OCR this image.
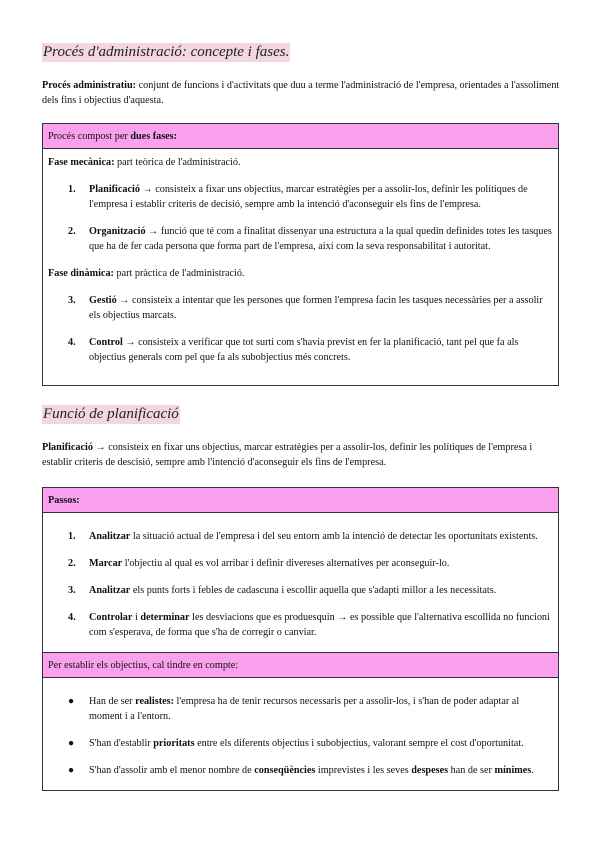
Procés d'administració: concepte i fases.
Procés administratiu: conjunt de funcions i d'activitats que duu a terme l'administració de l'empresa, orientades a l'assoliment dels fins i objectius d'aquesta.
Procés compost per dues fases:
Fase mecànica: part teòrica de l'administració.
1. Planificació → consisteix a fixar uns objectius, marcar estratègies per a assolir-los, definir les polítiques de l'empresa i establir criteris de decisió, sempre amb la intenció d'aconseguir els fins de l'empresa.
2. Organització → funció que té com a finalitat dissenyar una estructura a la qual quedin definides totes les tasques que ha de fer cada persona que forma part de l'empresa, així com la seva responsabilitat i autoritat.
Fase dinàmica: part pràctica de l'administració.
3. Gestió → consisteix a intentar que les persones que formen l'empresa facin les tasques necessàries per a assolir els objectius marcats.
4. Control → consisteix a verificar que tot surti com s'havia previst en fer la planificació, tant pel que fa als objectius generals com pel que fa als subobjectius més concrets.
Funció de planificació
Planificació → consisteix en fixar uns objectius, marcar estratègies per a assolir-los, definir les polítiques de l'empresa i establir criteris de descisió, sempre amb l'intenció d'aconseguir els fins de l'empresa.
Passos:
1. Analitzar la situació actual de l'empresa i del seu entorn amb la intenció de detectar les oportunitats existents.
2. Marcar l'objectiu al qual es vol arribar i definir divereses alternatives per aconseguir-lo.
3. Analitzar els punts forts i febles de cadascuna i escollir aquella que s'adapti millor a les necessitats.
4. Controlar i determinar les desviacions que es produesquin → es possible que l'alternativa escollida no funcioni com s'esperava, de forma que s'ha de corregir o canviar.
Per establir els objectius, cal tindre en compte:
● Han de ser realistes: l'empresa ha de tenir recursos necessaris per a assolir-los, i s'han de poder adaptar al moment i a l'entorn.
● S'han d'establir prioritats entre els diferents objectius i subobjectius, valorant sempre el cost d'oportunitat.
● S'han d'assolir amb el menor nombre de conseqüències imprevistes i les seves despeses han de ser mínimes.
